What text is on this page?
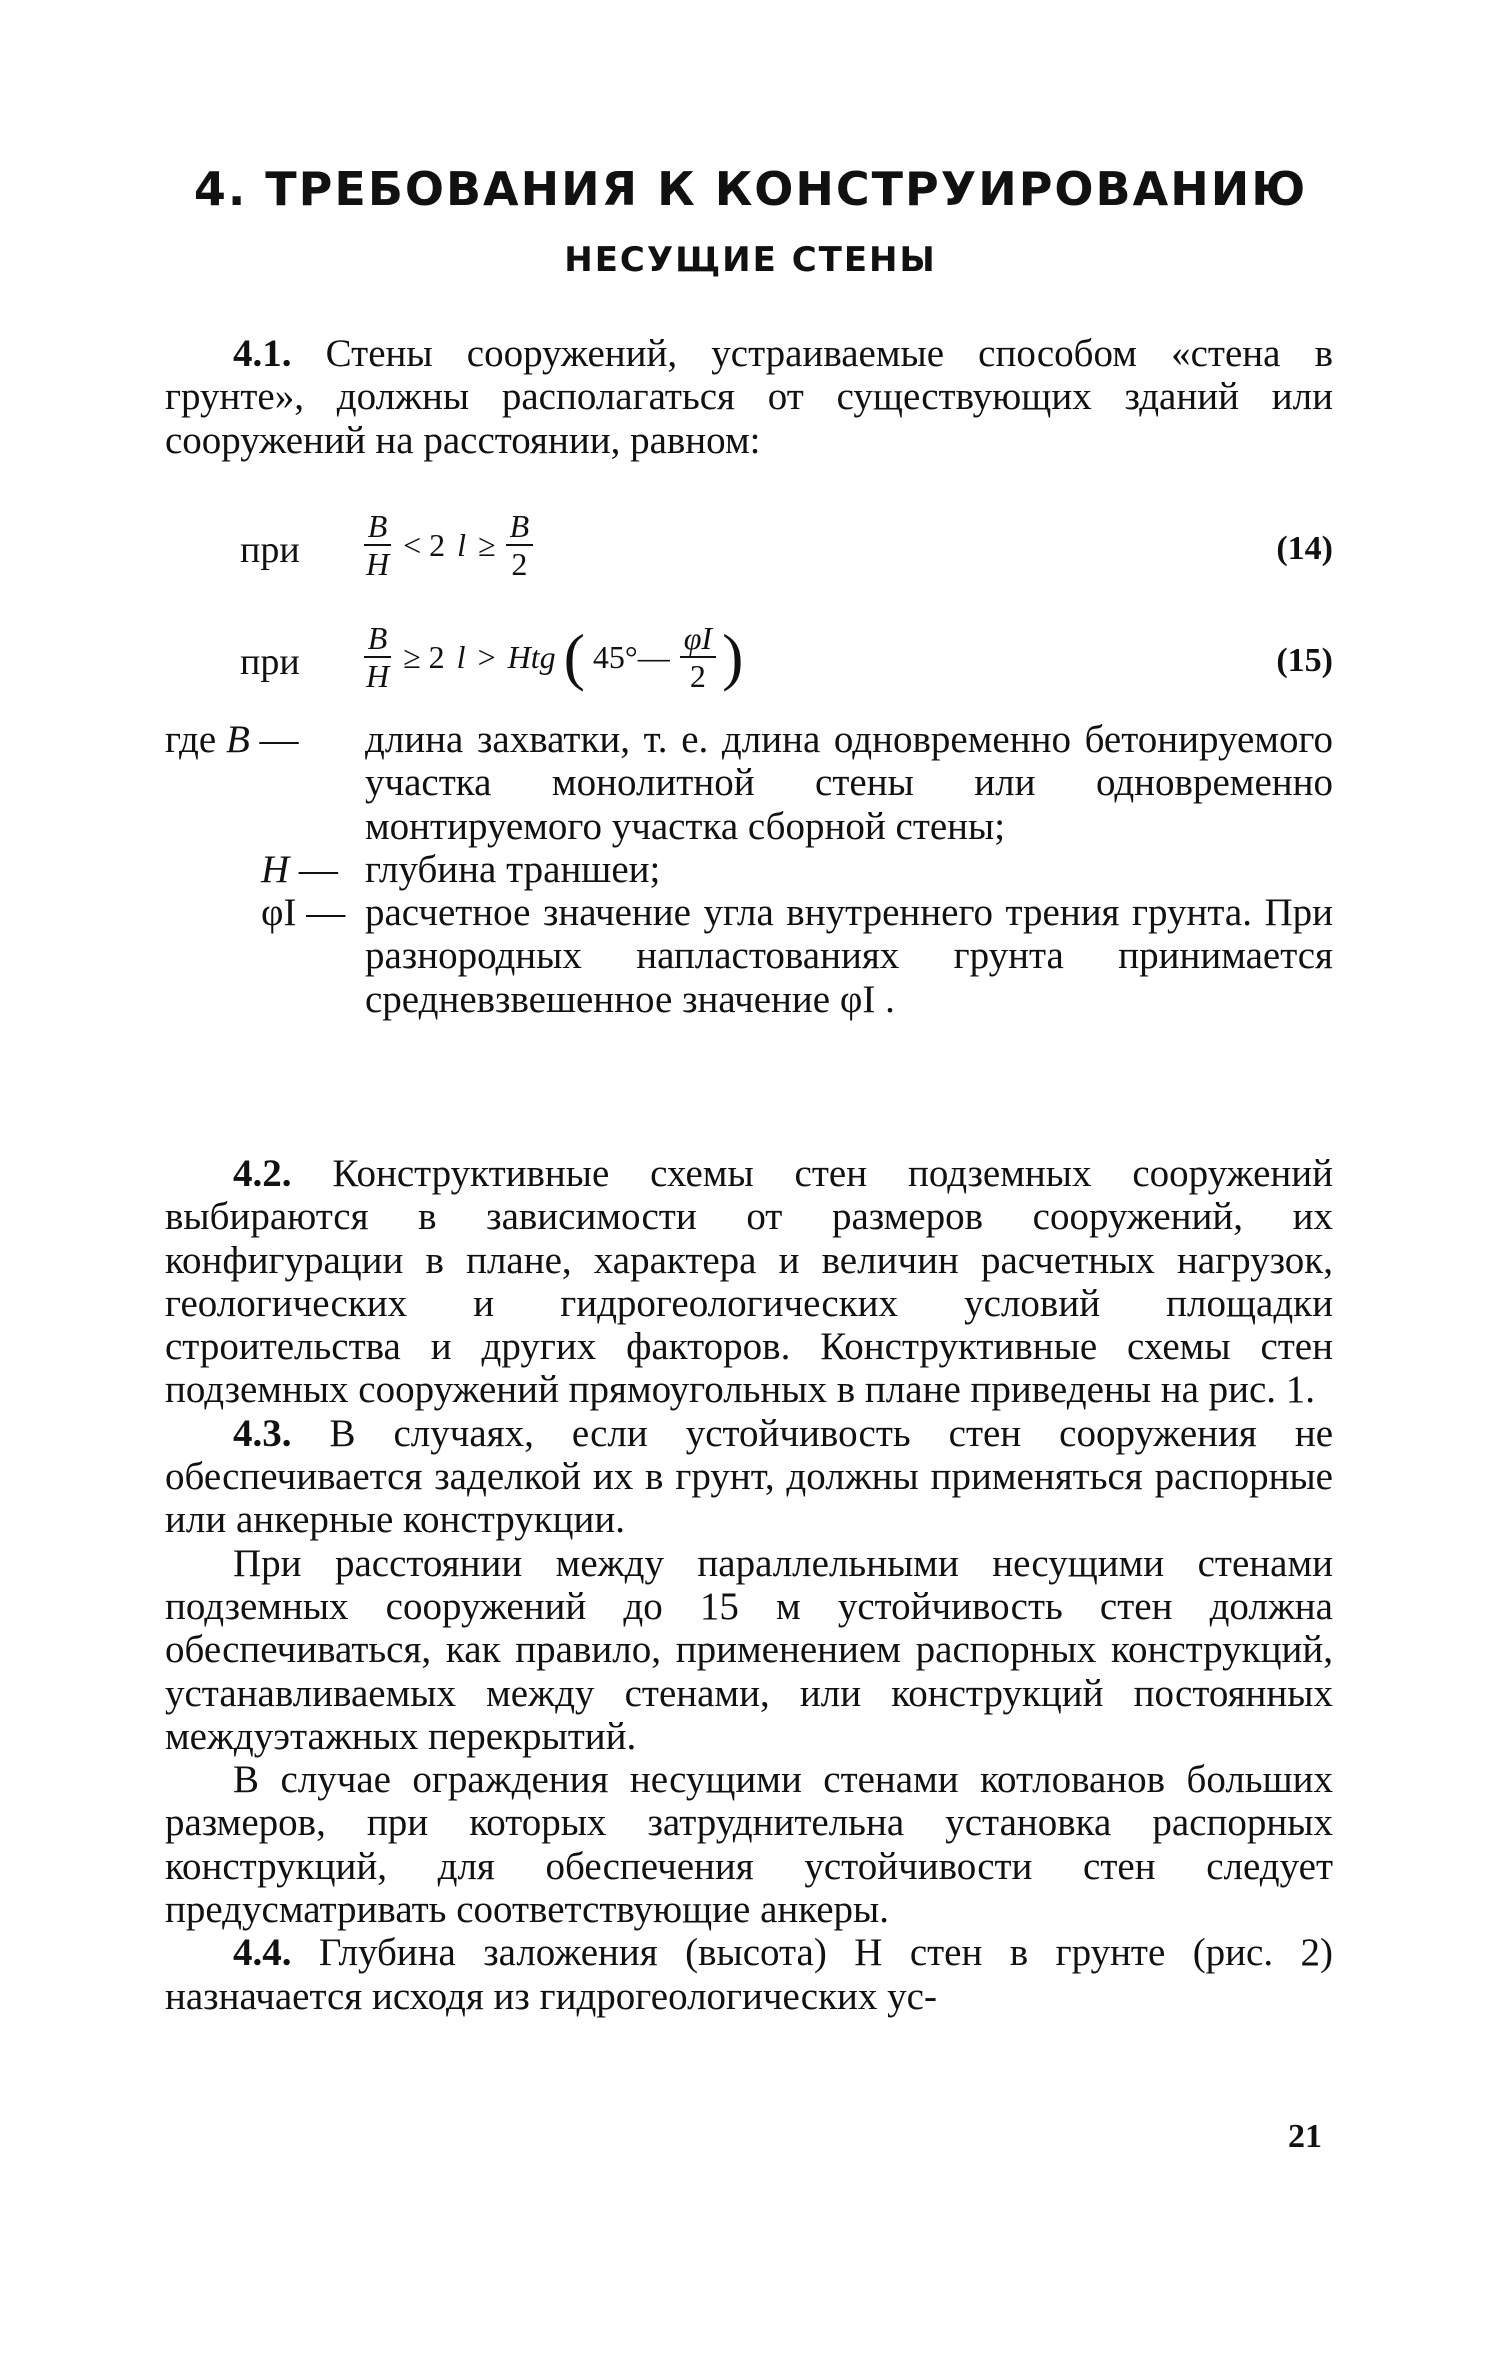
4. ТРЕБОВАНИЯ К КОНСТРУИРОВАНИЮ
НЕСУЩИЕ СТЕНЫ

4.1. Стены сооружений, устраиваемые способом «стена в грунте», должны располагаться от существующих зданий или сооружений на расстоянии, равном:

при $\frac{B}{H} < 2$ $l \ge \frac{B}{2}$	(14)
при $\frac{B}{H} \ge 2$ l > Htg ( 45°— $\frac{\varphi I}{2}$ )	(15)
где B — длина захватки, т. е. длина одновременно бетонируемого участка монолитной стены или одновременно монтируемого участка сборной стены;
H — глубина траншеи;
φI — расчетное значение угла внутреннего трения грунта. При разнородных напластованиях грунта принимается средневзвешенное значение φI .

4.2. Конструктивные схемы стен подземных сооружений выбираются в зависимости от размеров сооружений, их конфигурации в плане, характера и величин расчетных нагрузок, геологических и гидрогеологических условий площадки строительства и других факторов. Конструктивные схемы стен подземных сооружений прямоугольных в плане приведены на рис. 1.

4.3. В случаях, если устойчивость стен сооружения не обеспечивается заделкой их в грунт, должны применяться распорные или анкерные конструкции.

При расстоянии между параллельными несущими стенами подземных сооружений до 15 м устойчивость стен должна обеспечиваться, как правило, применением распорных конструкций, устанавливаемых между стенами, или конструкций постоянных междуэтажных перекрытий.

В случае ограждения несущими стенами котлованов больших размеров, при которых затруднительна установка распорных конструкций, для обеспечения устойчивости стен следует предусматривать соответствующие анкеры.

4.4. Глубина заложения (высота) H стен в грунте (рис. 2) назначается исходя из гидрогеологических ус-

21
